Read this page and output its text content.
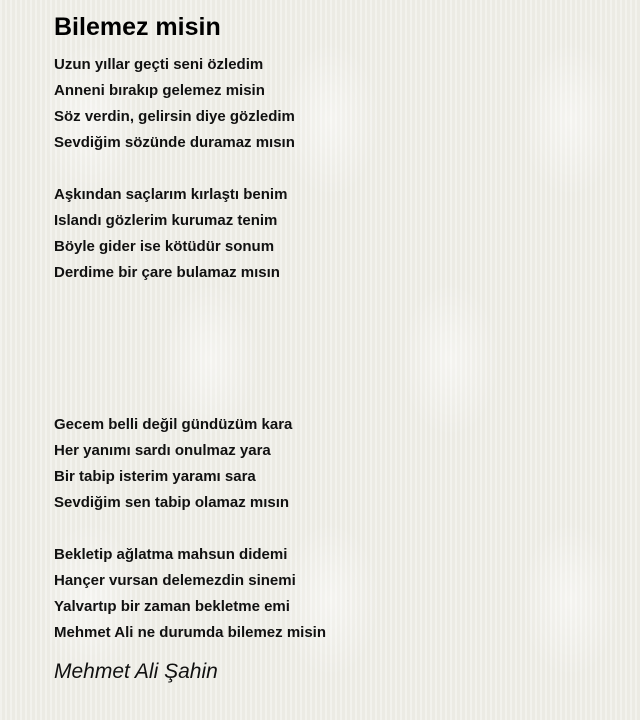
Bilemez misin
Uzun yıllar geçti seni özledim
Anneni bırakıp gelemez misin
Söz verdin, gelirsin diye gözledim
Sevdiğim sözünde duramaz mısın
Aşkından saçlarım kırlaştı benim
Islandı gözlerim kurumaz tenim
Böyle gider ise kötüdür sonum
Derdime bir çare bulamaz mısın
Gecem belli değil gündüzüm kara
Her yanımı sardı onulmaz yara
Bir tabip isterim yaramı sara
Sevdiğim sen tabip olamaz mısın
Bekletip ağlatma mahsun didemi
Hançer vursan delemezdin sinemi
Yalvartıp bir zaman bekletme emi
Mehmet Ali ne durumda bilemez misin
Mehmet Ali Şahin
